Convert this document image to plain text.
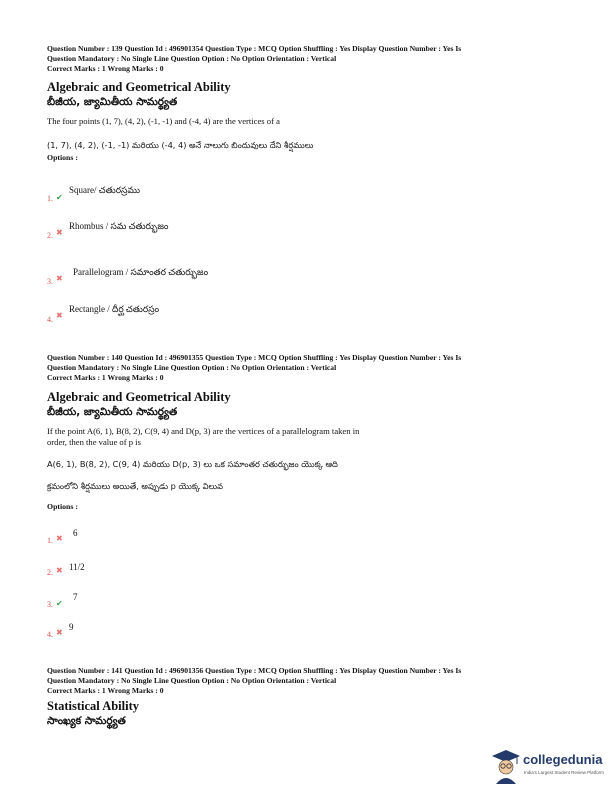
Question Number : 139 Question Id : 496901354 Question Type : MCQ Option Shuffling : Yes Display Question Number : Yes Is
Question Mandatory : No Single Line Question Option : No Option Orientation : Vertical
Correct Marks : 1 Wrong Marks : 0
Algebraic and Geometrical Ability
బీజీయ, జ్యామితీయ సామర్థ్యత
The four points (1, 7), (4, 2), (-1, -1) and (-4, 4) are the vertices of a
(1, 7), (4, 2), (-1, -1) మరియు (-4, 4) అనే నాలుగు బిందువులు దేని శీర్షములు
Options :
1. ✔
Square/ చతురస్రము
2. ✖
Rhombus / సమ చతుర్భుజం
3. ✖
Parallelogram / సమాంతర చతుర్భుజం
4. ✖
Rectangle / దీర్ఘ చతురస్రం
Question Number : 140 Question Id : 496901355 Question Type : MCQ Option Shuffling : Yes Display Question Number : Yes Is
Question Mandatory : No Single Line Question Option : No Option Orientation : Vertical
Correct Marks : 1 Wrong Marks : 0
Algebraic and Geometrical Ability
బీజీయ, జ్యామితీయ సామర్థ్యత
If the point A(6, 1), B(8, 2), C(9, 4) and D(p, 3) are the vertices of a parallelogram taken in
order, then the value of p is
A(6, 1), B(8, 2), C(9, 4) మరియు D(p, 3) లు ఒక సమాంతర చతుర్భుజం యొక్క ఆది
క్రమంలోని శీర్షములు అయితే, అప్పుడు p యొక్క విలువ
Options :
1. ✖
6
2. ✖ 11/2
3. ✔
7
4. ✖
9
Question Number : 141 Question Id : 496901356 Question Type : MCQ Option Shuffling : Yes Display Question Number : Yes Is
Question Mandatory : No Single Line Question Option : No Option Orientation : Vertical
Correct Marks : 1 Wrong Marks : 0
Statistical Ability
సాంఖ్యక సామర్థ్యత
collegedunia
India's Largest Student Review Platform
